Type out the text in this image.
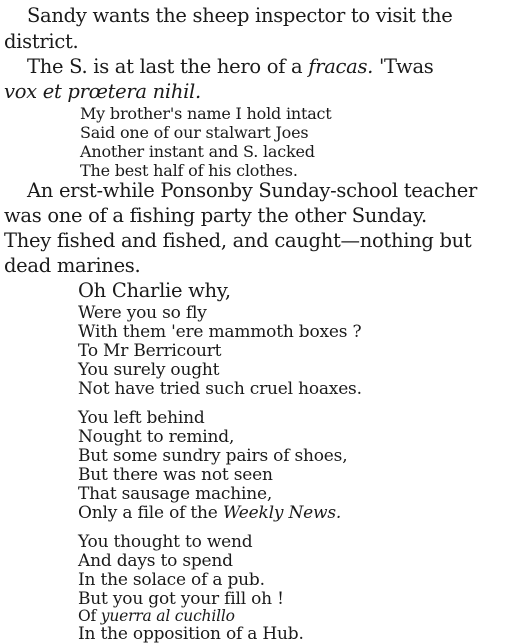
Sandy wants the sheep inspector to visit the
district.
The S. is at last the hero of a fracas. 'Twas
vox et prœtera nihil.
My brother's name I hold intact
Said one of our stalwart Joes
Another instant and S. lacked
The best half of his clothes.
An erst-while Ponsonby Sunday-school teacher
was one of a fishing party the other Sunday.
They fished and fished, and caught—nothing but
dead marines.
Oh Charlie why,
Were you so fly
With them 'ere mammoth boxes ?
To Mr Berricourt
You surely ought
Not have tried such cruel hoaxes.
You left behind
Nought to remind,
But some sundry pairs of shoes,
But there was not seen
That sausage machine,
Only a file of the Weekly News.
You thought to wend
And days to spend
In the solace of a pub.
But you got your fill oh !
Of yuerra al cuchillo
In the opposition of a Hub.
